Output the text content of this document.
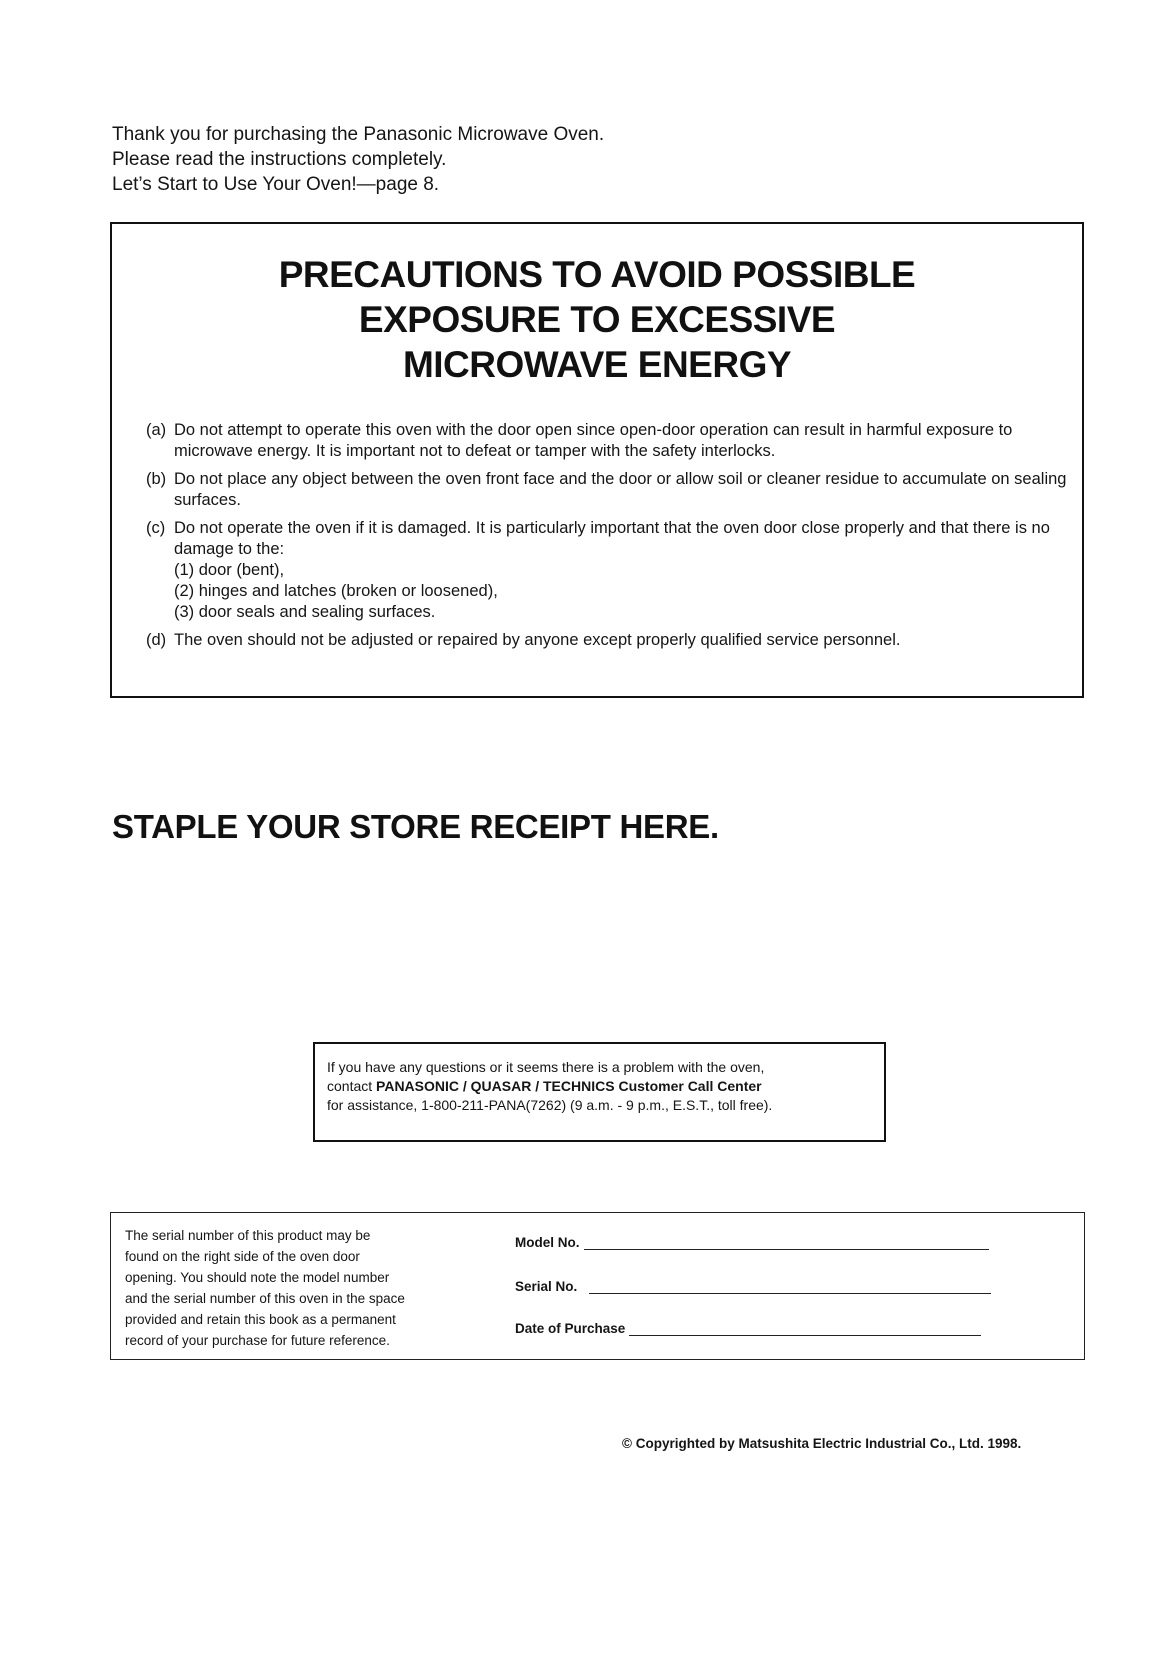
Thank you for purchasing the Panasonic Microwave Oven.
Please read the instructions completely.
Let’s Start to Use Your Oven!—page 8.
PRECAUTIONS TO AVOID POSSIBLE
EXPOSURE TO EXCESSIVE
MICROWAVE ENERGY
(a) Do not attempt to operate this oven with the door open since open-door operation can result in harmful exposure to microwave energy. It is important not to defeat or tamper with the safety interlocks.
(b) Do not place any object between the oven front face and the door or allow soil or cleaner residue to accumulate on sealing surfaces.
(c) Do not operate the oven if it is damaged. It is particularly important that the oven door close properly and that there is no damage to the:
(1) door (bent),
(2) hinges and latches (broken or loosened),
(3) door seals and sealing surfaces.
(d) The oven should not be adjusted or repaired by anyone except properly qualified service personnel.
STAPLE YOUR STORE RECEIPT HERE.
If you have any questions or it seems there is a problem with the oven,
contact PANASONIC / QUASAR / TECHNICS Customer Call Center
for assistance, 1-800-211-PANA(7262) (9 a.m. - 9 p.m., E.S.T., toll free).
The serial number of this product may be
found on the right side of the oven door
opening. You should note the model number
and the serial number of this oven in the space
provided and retain this book as a permanent
record of your purchase for future reference.
Model No.
Serial No.
Date of Purchase
© Copyrighted by Matsushita Electric Industrial Co., Ltd. 1998.
